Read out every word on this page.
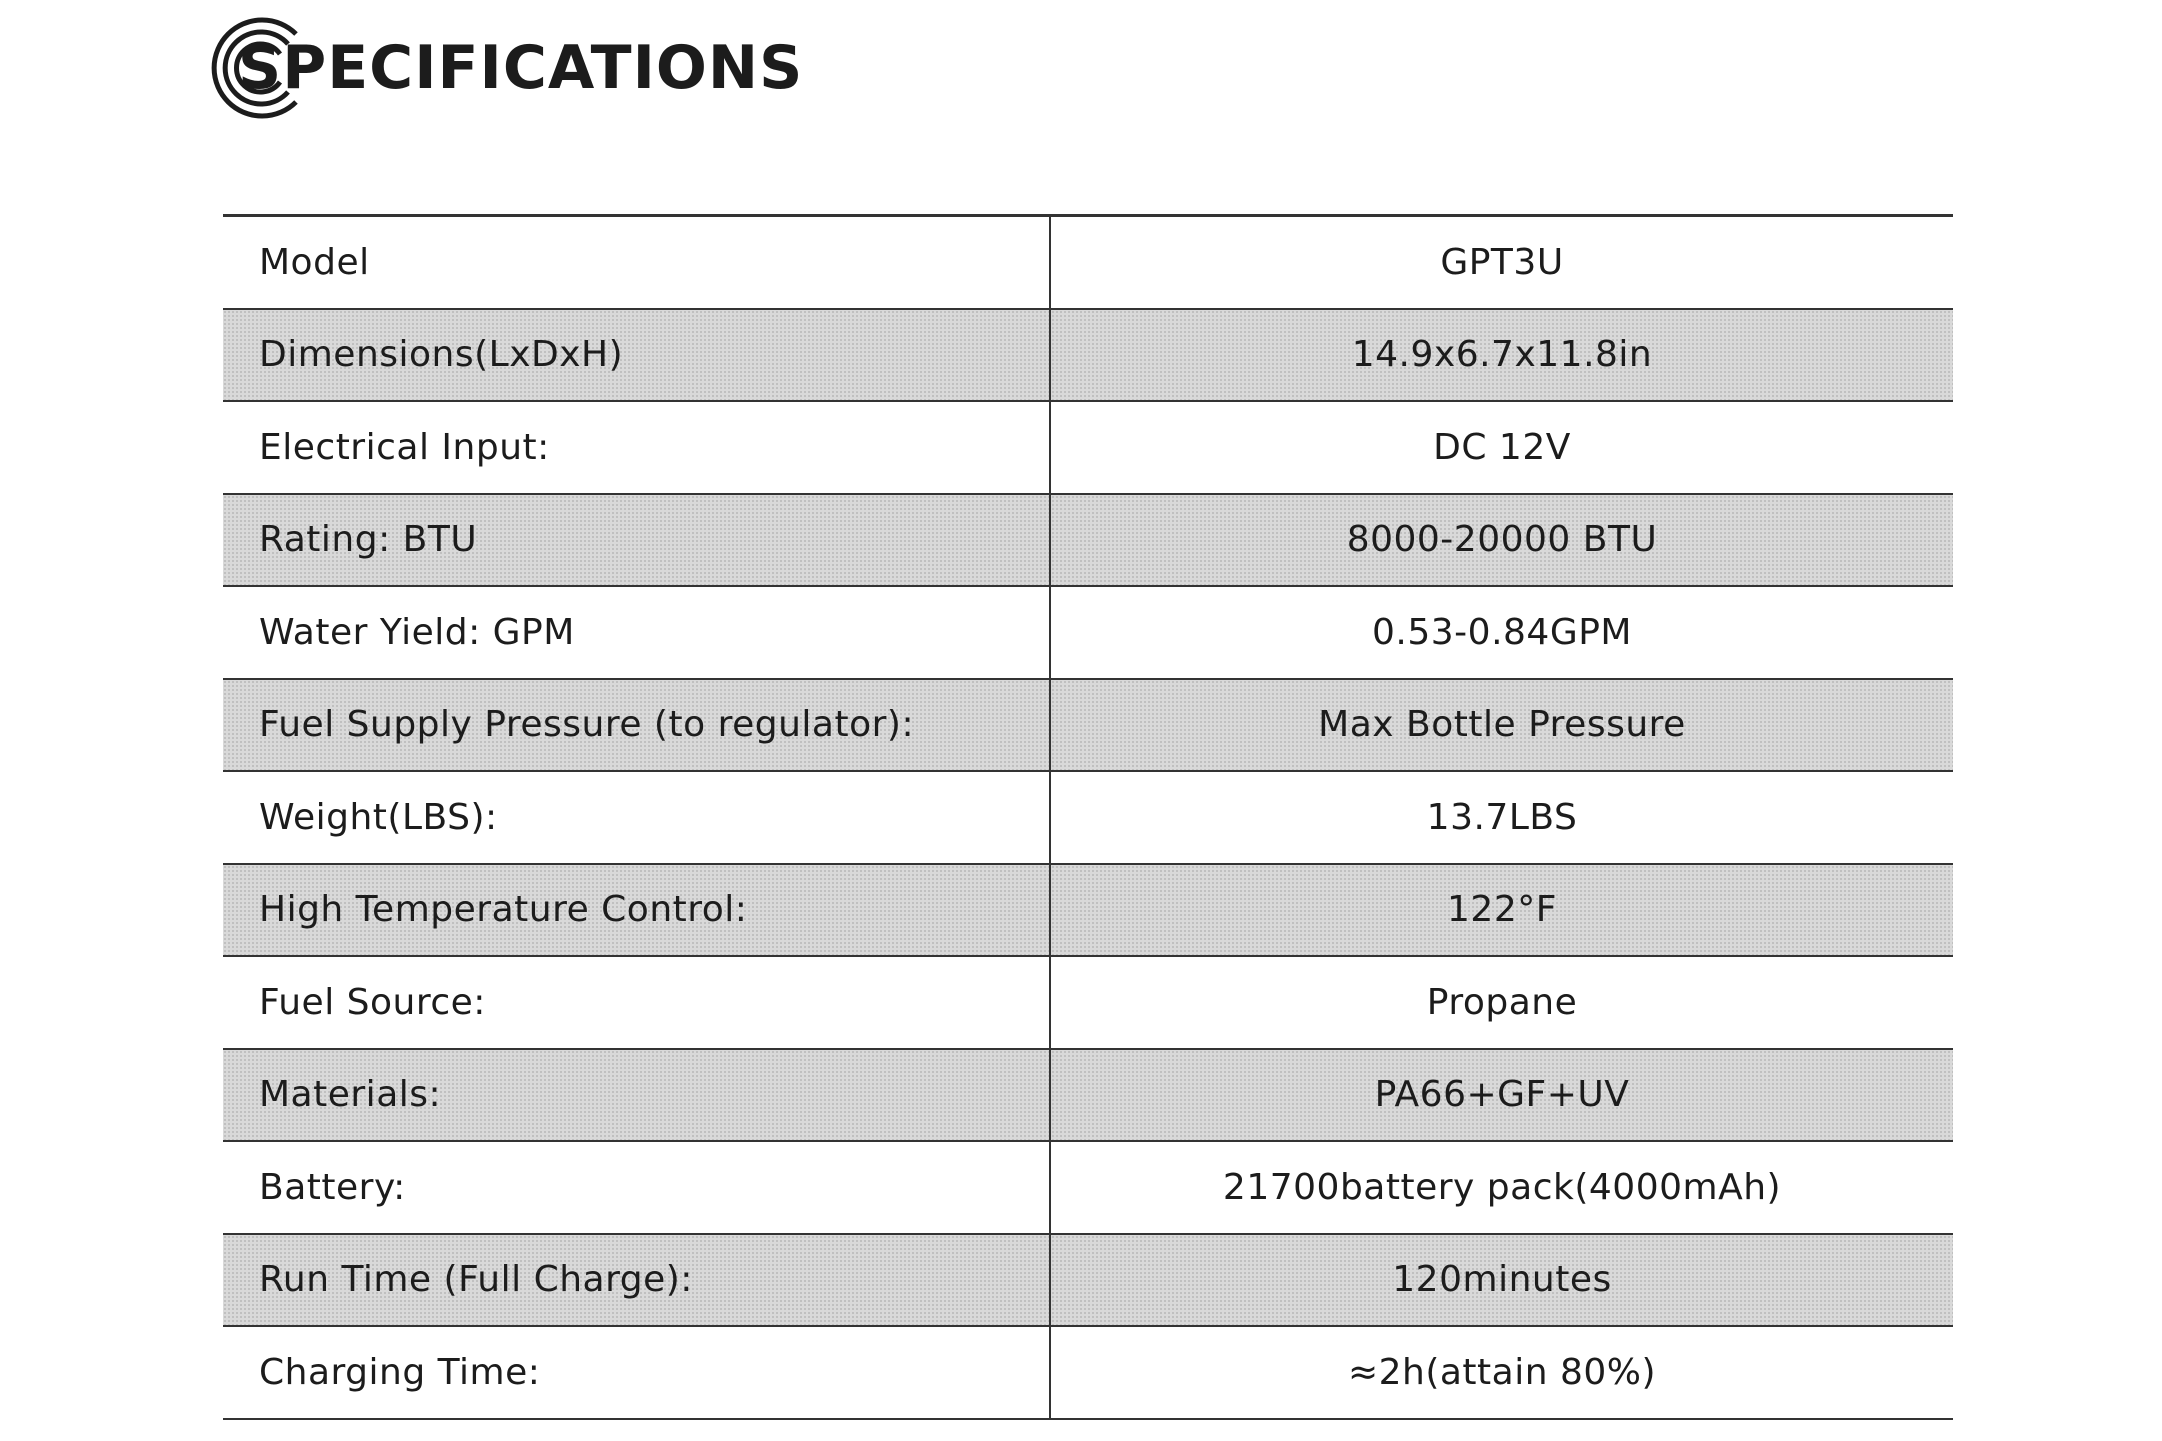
SPECIFICATIONS
Model	GPT3U
Dimensions(LxDxH)	14.9x6.7x11.8in
Electrical Input:	DC 12V
Rating: BTU	8000-20000 BTU
Water Yield: GPM	0.53-0.84GPM
Fuel Supply Pressure (to regulator):	Max Bottle Pressure
Weight(LBS):	13.7LBS
High Temperature Control:	122°F
Fuel Source:	Propane
Materials:	PA66+GF+UV
Battery:	21700battery pack(4000mAh)
Run Time (Full Charge):	120minutes
Charging Time:	≈2h(attain 80%)
